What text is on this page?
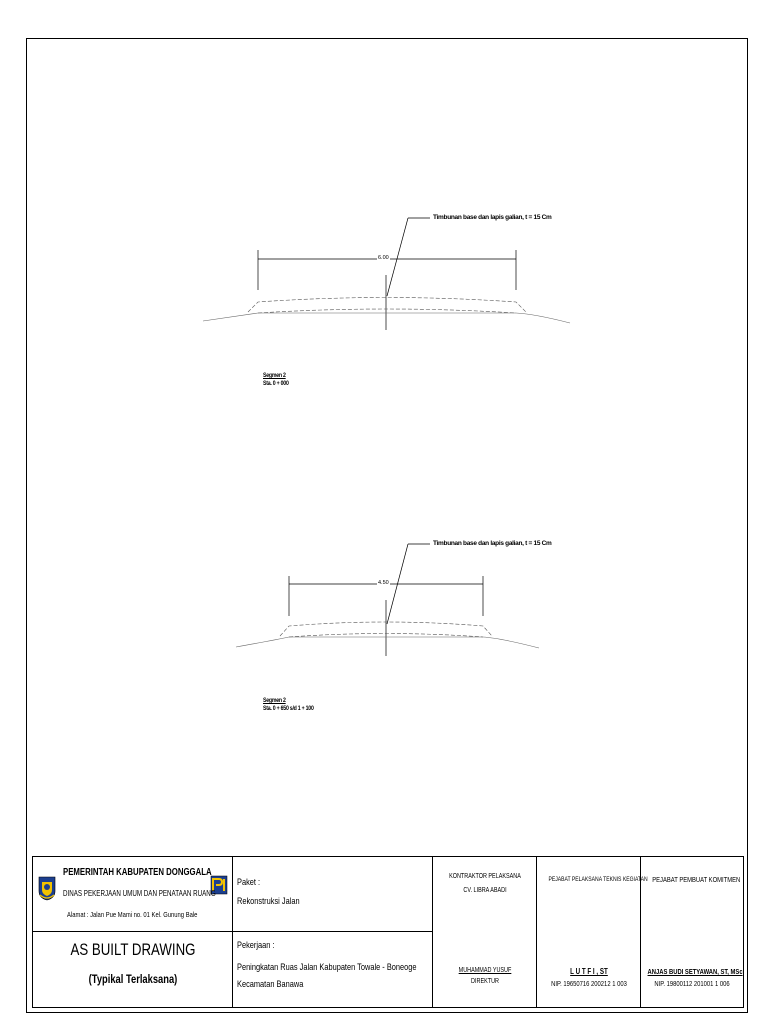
Timbunan base dan lapis galian, t = 15 Cm
6.00
Segmen 2
Sta. 0 + 000
Timbunan base dan lapis galian, t = 15 Cm
4.50
Segmen 2
Sta. 0 + 650 s/d 1 + 100
PEMERINTAH KABUPATEN DONGGALA
DINAS PEKERJAAN UMUM DAN PENATAAN RUANG
Alamat : Jalan Pue Mami no. 01 Kel. Gunung Bale
AS BUILT DRAWING
(Typikal Terlaksana)
Paket :
Rekonstruksi Jalan
Pekerjaan :
Peningkatan Ruas Jalan Kabupaten Towale - Boneoge
Kecamatan Banawa
KONTRAKTOR PELAKSANA
CV. LIBRA ABADI
MUHAMMAD YUSUF
DIREKTUR
PEJABAT PELAKSANA TEKNIS KEGIATAN
L U T F I , ST
NIP. 19650716 200212 1 003
PEJABAT PEMBUAT KOMITMEN
ANJAS BUDI SETYAWAN, ST, MSc
NIP. 19800112 201001 1 006
